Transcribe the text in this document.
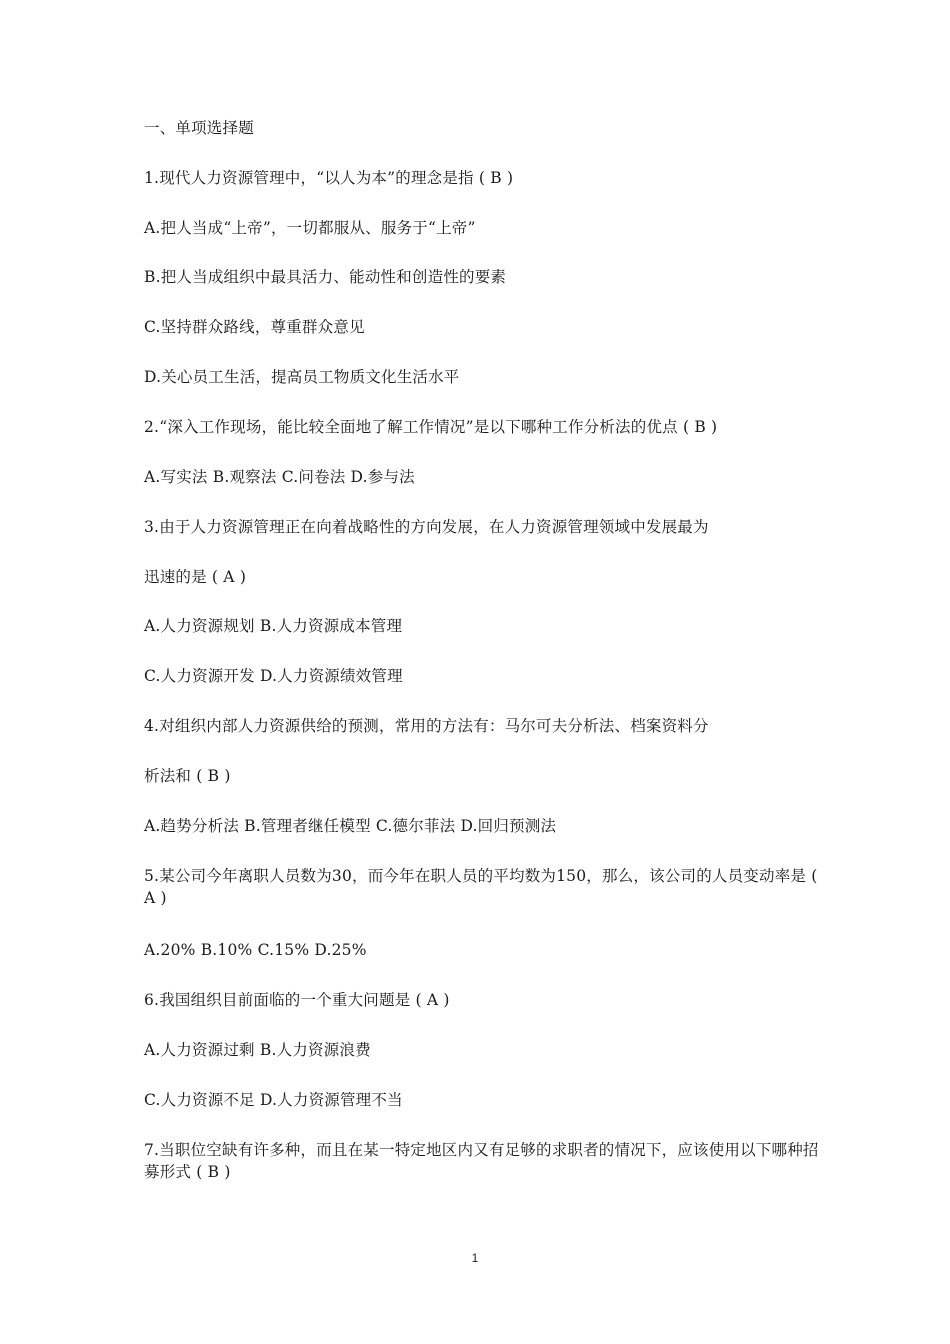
一、单项选择题
1.现代人力资源管理中，“以人为本”的理念是指 ( B )
A.把人当成“上帝”，一切都服从、服务于“上帝”
B.把人当成组织中最具活力、能动性和创造性的要素
C.坚持群众路线，尊重群众意见
D.关心员工生活，提高员工物质文化生活水平
2.“深入工作现场，能比较全面地了解工作情况”是以下哪种工作分析法的优点 ( B )
A.写实法 B.观察法 C.问卷法 D.参与法
3.由于人力资源管理正在向着战略性的方向发展，在人力资源管理领域中发展最为
迅速的是 ( A )
A.人力资源规划 B.人力资源成本管理
C.人力资源开发 D.人力资源绩效管理
4.对组织内部人力资源供给的预测，常用的方法有：马尔可夫分析法、档案资料分
析法和 ( B )
A.趋势分析法 B.管理者继任模型 C.德尔菲法 D.回归预测法
5.某公司今年离职人员数为30，而今年在职人员的平均数为150，那么，该公司的人员变动率是 ( A )
A.20% B.10% C.15% D.25%
6.我国组织目前面临的一个重大问题是 ( A )
A.人力资源过剩 B.人力资源浪费
C.人力资源不足 D.人力资源管理不当
7.当职位空缺有许多种，而且在某一特定地区内又有足够的求职者的情况下，应该使用以下哪种招募形式 ( B )
1
